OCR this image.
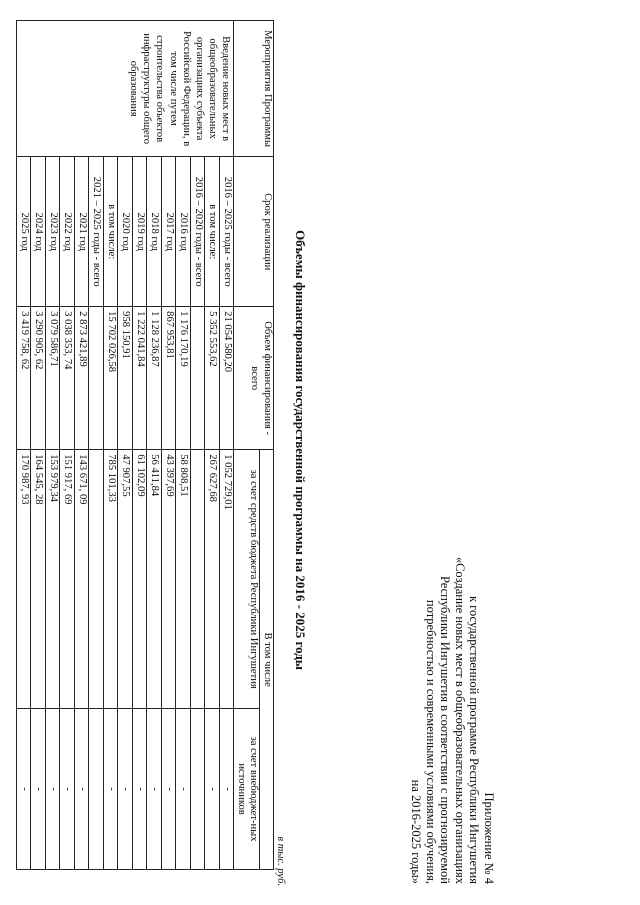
Приложение № 4
к государственной программе Республики Ингушетия
«Создание новых мест в общеобразовательных организациях
Республики Ингушетия в соответствии с прогнозируемой
потребностью и современными условиями обучения,
на 2016-2025 годы»
Объемы финансирования государственной программы на 2016 - 2025 годы
в тыс. руб.
Мероприятия Программы	Срок реализации	Объем финансирования - всего	В том числе	
			за счет средств бюджета Республики Ингушетия	за счет внебюджет-ных источников
Введение новых мест в общеобразовательных организациях субъекта Российской Федерации, в том числе путем строительства объектов инфраструктуры общего образования	2016 – 2025 годы - всего	21 054 580,20	1 052 729,01	-
	в том числе:	5 352 553,62	267 627,68	-
	2016 – 2020 годы - всего			
	2016 год	1 176 170,19	58 808,51	-
	2017 год	867 953,81	43 397,69	-
	2018 год	1 128 236,87	56 411,84	-
	2019 год	1 222 041,84	61 102,09	-
	2020 год	958 150,91	47 907,55	-
	в том числе:	15 702 026,58	785 101,33	-
	2021 – 2025 годы - всего			
	2021 год	2 873 421,89	143 671, 09	-
	2022 год	3 038 353, 74	151 917, 69	-
	2023 год	3 079 586,71	153 979,34	-
	2024 год	3 290 905, 62	164 545, 28	-
	2025 год	3 419 758, 62	170 987, 93	-
